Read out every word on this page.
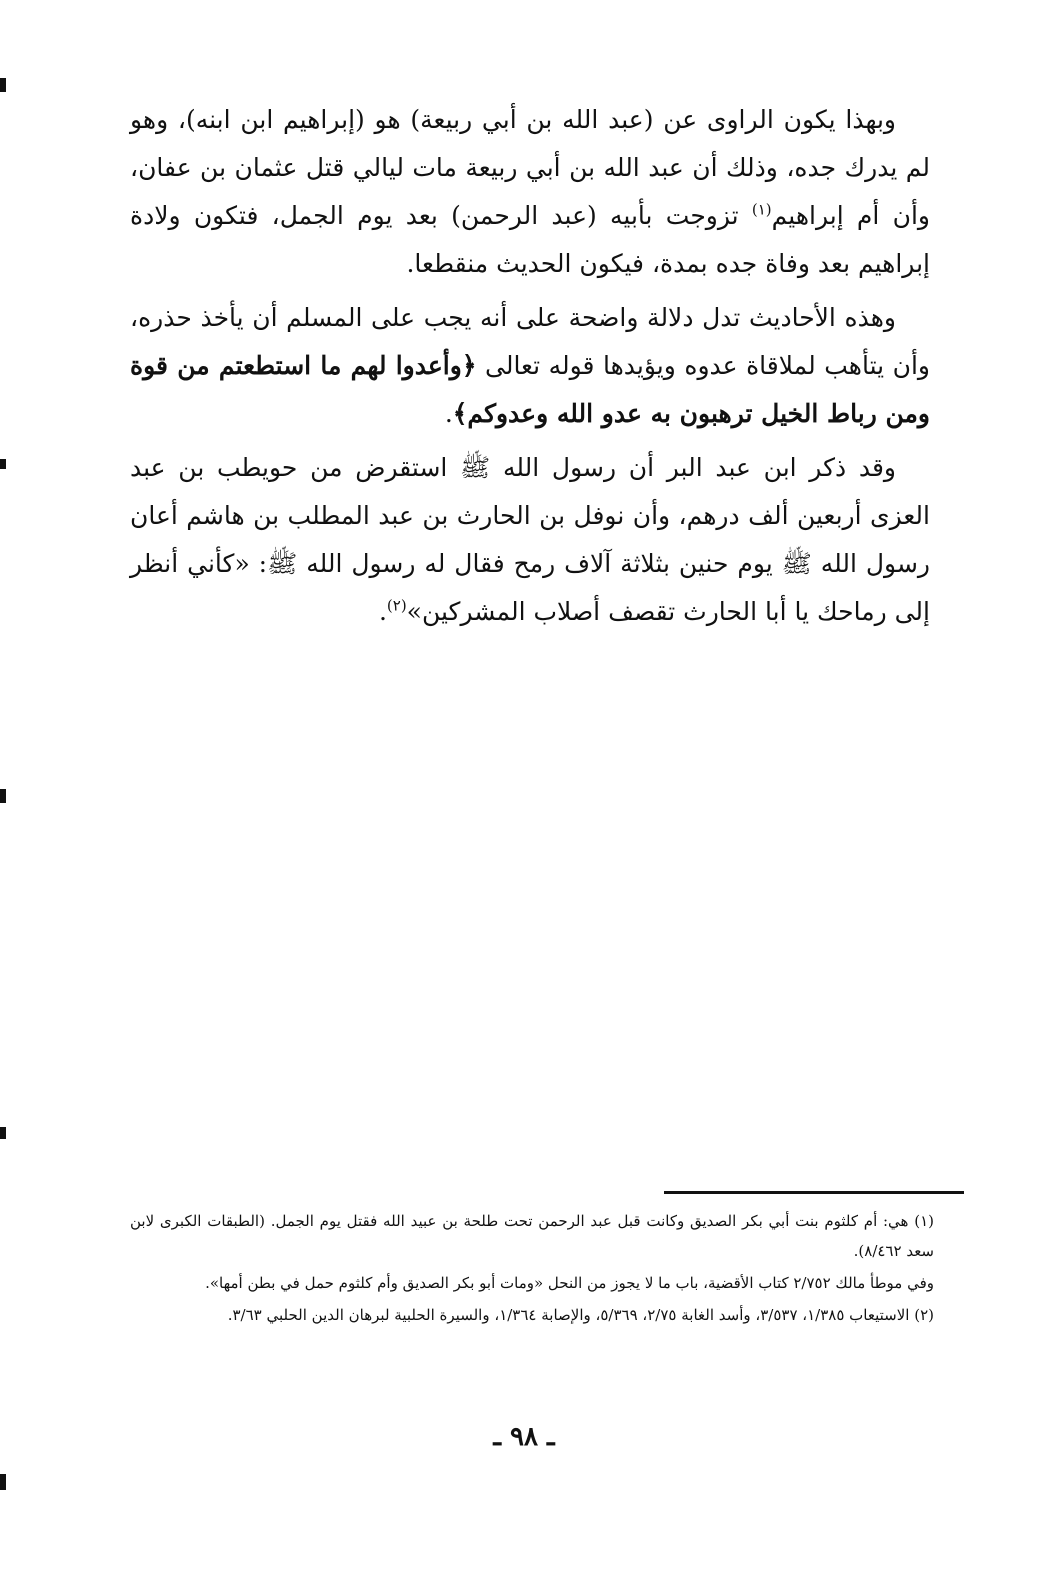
وبهذا يكون الراوى عن (عبد الله بن أبي ربيعة) هو (إبراهيم ابن ابنه)، وهو لم يدرك جده، وذلك أن عبد الله بن أبي ربيعة مات ليالي قتل عثمان بن عفان، وأن أم إبراهيم$^{(١)}$ تزوجت بأبيه (عبد الرحمن) بعد يوم الجمل، فتكون ولادة إبراهيم بعد وفاة جده بمدة، فيكون الحديث منقطعا.

وهذه الأحاديث تدل دلالة واضحة على أنه يجب على المسلم أن يأخذ حذره، وأن يتأهب لملاقاة عدوه ويؤيدها قوله تعالى ﴿وأعدوا لهم ما استطعتم من قوة ومن رباط الخيل ترهبون به عدو الله وعدوكم﴾.

وقد ذكر ابن عبد البر أن رسول الله ﷺ استقرض من حويطب بن عبد العزى أربعين ألف درهم، وأن نوفل بن الحارث بن عبد المطلب بن هاشم أعان رسول الله ﷺ يوم حنين بثلاثة آلاف رمح فقال له رسول الله ﷺ: «كأني أنظر إلى رماحك يا أبا الحارث تقصف أصلاب المشركين»$^{(٢)}$.

(١) هي: أم كلثوم بنت أبي بكر الصديق وكانت قبل عبد الرحمن تحت طلحة بن عبيد الله فقتل يوم الجمل. (الطبقات الكبرى لابن سعد ٨/٤٦٢).

وفي موطأ مالك ٢/٧٥٢ كتاب الأقضية، باب ما لا يجوز من النحل «ومات أبو بكر الصديق وأم كلثوم حمل في بطن أمها».

(٢) الاستيعاب ١/٣٨٥، ٣/٥٣٧، وأسد الغابة ٢/٧٥، ٥/٣٦٩، والإصابة ١/٣٦٤، والسيرة الحلبية لبرهان الدين الحلبي ٣/٦٣.

ـ ٩٨ ـ
